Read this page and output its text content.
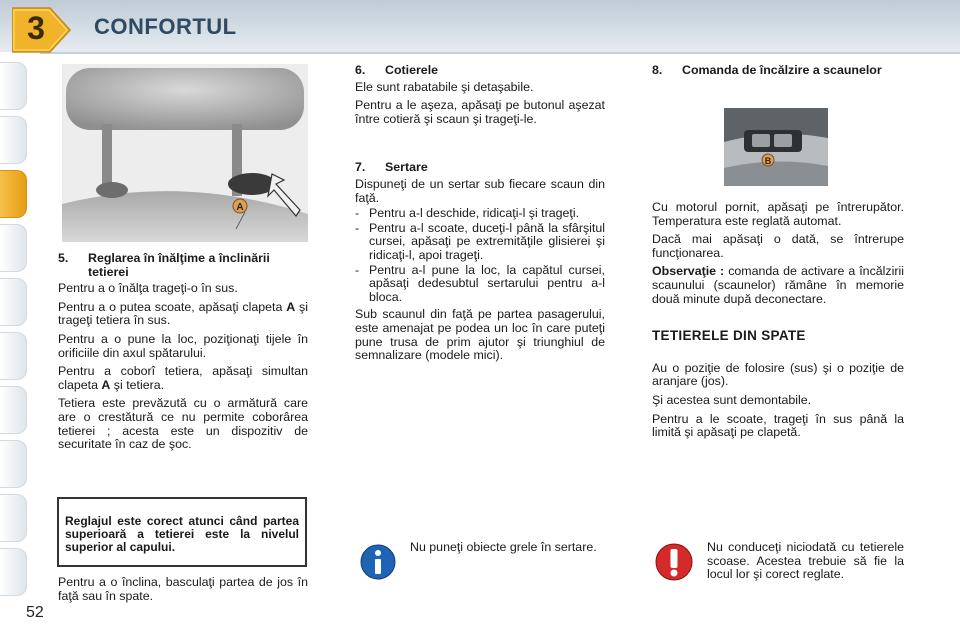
3	CONFORTUL
A
5.	Reglarea în înălţime a înclinării tetierei

Pentru a o înălţa trageţi-o în sus.

Pentru a o putea scoate, apăsaţi clapeta A şi trageţi tetiera în sus.

Pentru a o pune la loc, poziţionaţi tijele în orificiile din axul spătarului.

Pentru a coborî tetiera, apăsaţi simultan clapeta A şi tetiera.

Tetiera este prevăzută cu o armătură care are o crestătură ce nu permite coborârea tetierei ; acesta este un dispozitiv de securitate în caz de şoc.

Reglajul este corect atunci când partea superioară a tetierei este la nivelul superior al capului.

Pentru a o înclina, basculaţi partea de jos în faţă sau în spate.

6.	Cotierele

Ele sunt rabatabile şi detaşabile.

Pentru a le aşeza, apăsaţi pe butonul aşezat între cotieră şi scaun şi trageţi-le.

7.	Sertare

Dispuneţi de un sertar sub fiecare scaun din faţă.

- Pentru a-l deschide, ridicaţi-l şi trageţi.
- Pentru a-l scoate, duceţi-l până la sfârşitul cursei, apăsaţi pe extremităţile glisierei şi ridicaţi-l, apoi trageţi.
- Pentru a-l pune la loc, la capătul cursei, apăsaţi dedesubtul sertarului pentru a-l bloca.

Sub scaunul din faţă pe partea pasagerului, este amenajat pe podea un loc în care puteţi pune trusa de prim ajutor şi triunghiul de semnalizare (modele mici).

Nu puneţi obiecte grele în sertare.
8.	Comanda de încălzire a scaunelor
B

Cu motorul pornit, apăsaţi pe întrerupător. Temperatura este reglată automat.

Dacă mai apăsaţi o dată, se întrerupe funcţionarea.

Observaţie : comanda de activare a încălzirii scaunului (scaunelor) rămâne în memorie două minute după deconectare.

TETIERELE DIN SPATE

Au o poziţie de folosire (sus) şi o poziţie de aranjare (jos).

Şi acestea sunt demontabile.

Pentru a le scoate, trageţi în sus până la limită şi apăsaţi pe clapetă.

Nu conduceţi niciodată cu tetierele scoase. Acestea trebuie să fie la locul lor şi corect reglate.
52
